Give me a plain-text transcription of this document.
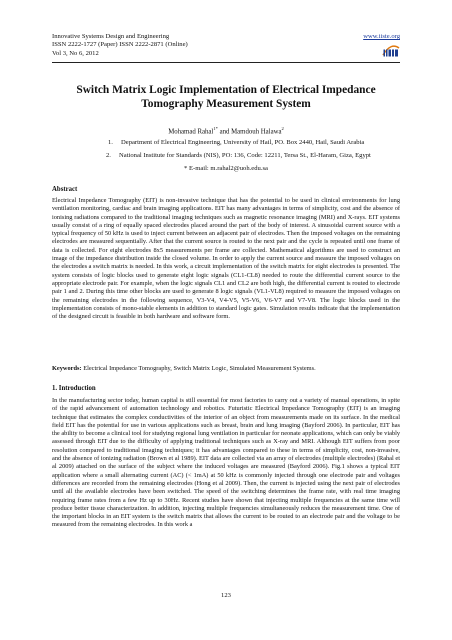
Innovative Systems Design and Engineering
ISSN 2222-1727 (Paper) ISSN 2222-2871 (Online)
Vol 3, No 6, 2012
www.iiste.org
Switch Matrix Logic Implementation of Electrical Impedance Tomography Measurement System
Mohamad Rahal$^{1*}$ and Mamdouh Halawa$^2$
1. Department of Electrical Engineering, University of Hail, PO. Box 2440, Hail, Saudi Arabia
2. National Institute for Standards (NIS), PO: 136, Code: 12211, Tersa St., El-Haram, Giza, Egypt
* E-mail: m.rahal2@uoh.edu.sa
Abstract

Electrical Impedance Tomography (EIT) is non-invasive technique that has the potential to be used in clinical environments for lung ventilation monitoring, cardiac and brain imaging applications. EIT has many advantages in terms of simplicity, cost and the absence of ionising radiations compared to the traditional imaging techniques such as magnetic resonance imaging (MRI) and X-rays. EIT systems usually consist of a ring of equally spaced electrodes placed around the part of the body of interest. A sinusoidal current source with a typical frequency of 50 kHz is used to inject current between an adjacent pair of electrodes. Then the imposed voltages on the remaining electrodes are measured sequentially. After that the current source is routed to the next pair and the cycle is repeated until one frame of data is collected. For eight electrodes 8x5 measurements per frame are collected. Mathematical algorithms are used to construct an image of the impedance distribution inside the closed volume. In order to apply the current source and measure the imposed voltages on the electrodes a switch matrix is needed. In this work, a circuit implementation of the switch matrix for eight electrodes is presented. The system consists of logic blocks used to generate eight logic signals (CL1-CL8) needed to route the differential current source to the appropriate electrode pair. For example, when the logic signals CL1 and CL2 are both high, the differential current is routed to electrode pair 1 and 2. During this time other blocks are used to generate 8 logic signals (VL1-VL8) required to measure the imposed voltages on the remaining electrodes in the following sequence, V3-V4, V4-V5, V5-V6, V6-V7 and V7-V8. The logic blocks used in the implementation consists of mono-stable elements in addition to standard logic gates. Simulation results indicate that the implementation of the designed circuit is feasible in both hardware and software form.

Keywords: Electrical Impedance Tomography, Switch Matrix Logic, Simulated Measurement Systems.
1. Introduction

In the manufacturing sector today, human capital is still essential for most factories to carry out a variety of manual operations, in spite of the rapid advancement of automation technology and robotics. Futuristic Electrical Impedance Tomography (EIT) is an imaging technique that estimates the complex conductivities of the interior of an object from measurements made on its surface. In the medical field EIT has the potential for use in various applications such as breast, brain and lung imaging (Bayford 2006). In particular, EIT has the ability to become a clinical tool for studying regional lung ventilation in particular for neonate applications, which can only be viably assessed through EIT due to the difficulty of applying traditional techniques such as X-ray and MRI. Although EIT suffers from poor resolution compared to traditional imaging techniques; it has advantages compared to these in terms of simplicity, cost, non-invasive, and the absence of ionizing radiation (Brown et al 1989). EIT data are collected via an array of electrodes (multiple electrodes) (Rahal et al 2009) attached on the surface of the subject where the induced voltages are measured (Bayford 2006). Fig.1 shows a typical EIT application where a small alternating current (AC) (< 1mA) at 50 kHz is commonly injected through one electrode pair and voltages differences are recorded from the remaining electrodes (Hong et al 2009). Then, the current is injected using the next pair of electrodes until all the available electrodes have been switched. The speed of the switching determines the frame rate, with real time imaging requiring frame rates from a few Hz up to 30Hz. Recent studies have shown that injecting multiple frequencies at the same time will produce better tissue characterization. In addition, injecting multiple frequencies simultaneously reduces the measurement time. One of the important blocks in an EIT system is the switch matrix that allows the current to be routed to an electrode pair and the voltage to be measured from the remaining electrodes. In this work a

123
